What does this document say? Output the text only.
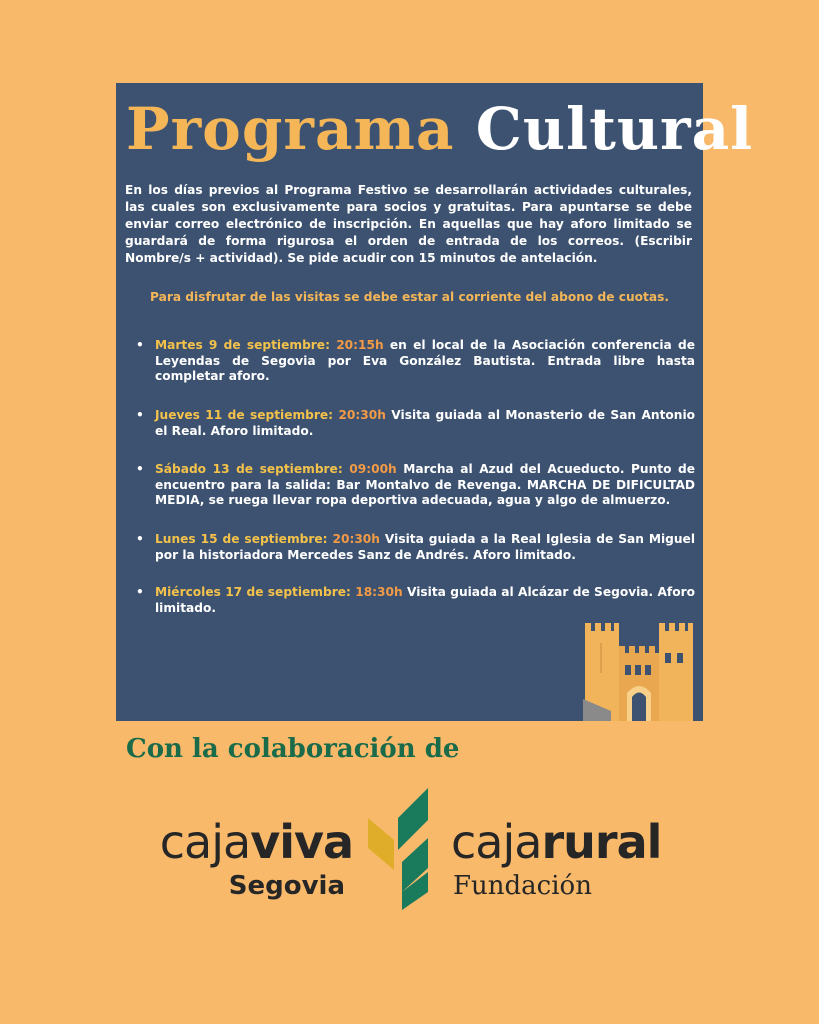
Programa Cultural

En los días previos al Programa Festivo se desarrollarán actividades culturales, las cuales son exclusivamente para socios y gratuitas. Para apuntarse se debe enviar correo electrónico de inscripción. En aquellas que hay aforo limitado se guardará de forma rigurosa el orden de entrada de los correos. (Escribir Nombre/s + actividad). Se pide acudir con 15 minutos de antelación.

Para disfrutar de las visitas se debe estar al corriente del abono de cuotas.

• Martes 9 de septiembre: 20:15h en el local de la Asociación conferencia de Leyendas de Segovia por Eva González Bautista. Entrada libre hasta completar aforo.
• Jueves 11 de septiembre: 20:30h Visita guiada al Monasterio de San Antonio el Real. Aforo limitado.
• Sábado 13 de septiembre: 09:00h Marcha al Azud del Acueducto. Punto de encuentro para la salida: Bar Montalvo de Revenga. MARCHA DE DIFICULTAD MEDIA, se ruega llevar ropa deportiva adecuada, agua y algo de almuerzo.
• Lunes 15 de septiembre: 20:30h Visita guiada a la Real Iglesia de San Miguel por la historiadora Mercedes Sanz de Andrés. Aforo limitado.
• Miércoles 17 de septiembre: 18:30h Visita guiada al Alcázar de Segovia. Aforo limitado.
Con la colaboración de
cajaviva
Segovia
cajarural
Fundación
